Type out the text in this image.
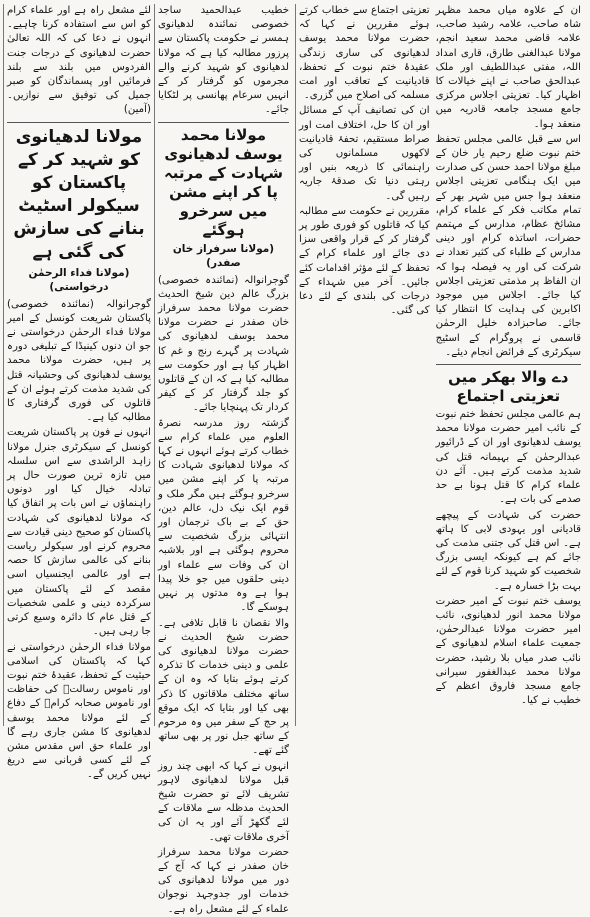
ان کے علاوہ میاں محمد مظہر شاہ صاحب، علامہ رشید صاحب، علامہ قاضی محمد سعید انجم، مولانا عبدالغنی طارق، قاری امداد اللہ، مفتی عبداللطیف اور ملک عبدالحق صاحب نے اپنے خیالات کا اظہار کیا۔ تعزیتی اجلاس مرکزی جامع مسجد جامعہ قادریہ میں منعقد ہوا۔

اس سے قبل عالمی مجلس تحفظ ختم نبوت ضلع رحیم یار خان کے مبلغ مولانا احمد حسن کی صدارت میں ایک ہنگامی تعزیتی اجلاس منعقد ہوا جس میں شہر بھر کے تمام مکاتب فکر کے علماء کرام، مشائخ عظام، مدارس کے مہتمم حضرات، اساتذہ کرام اور دینی مدارس کے طلباء کی کثیر تعداد نے شرکت کی اور یہ فیصلہ ہوا کہ ان الفاظ پر مذمتی تعزیتی اجلاس کیا جائے۔ اجلاس میں موجود اکابرین کی ہدایت کا انتظار کیا جائے۔ صاحبزادہ خلیل الرحمٰن قاسمی نے پروگرام کے اسٹیج سیکرٹری کے فرائض انجام دیئے۔

دے والا بھکر میں تعزیتی اجتماع

ہم عالمی مجلس تحفظ ختم نبوت کے نائب امیر حضرت مولانا محمد یوسف لدھیانوی اور ان کے ڈرائیور عبدالرحمٰن کے بہیمانہ قتل کی شدید مذمت کرتے ہیں۔ آئے دن علماء کرام کا قتل ہونا بے حد صدمے کی بات ہے۔

حضرت کی شہادت کے پیچھے قادیانی اور یہودی لابی کا ہاتھ ہے۔ اس قتل کی جتنی مذمت کی جائے کم ہے کیونکہ ایسی بزرگ شخصیت کو شہید کرنا قوم کے لئے بہت بڑا خسارہ ہے۔

یوسف ختم نبوت کے امیر حضرت مولانا محمد انور لدھیانوی، نائب امیر حضرت مولانا عبدالرحمٰن، جمعیت علماء اسلام لدھیانوی کے نائب صدر میاں بلا رشید، حضرت مولانا محمد عبدالغفور سیرانی جامع مسجد فاروق اعظم کے خطیب نے کیا۔

تعزیتی اجتماع سے خطاب کرتے ہوئے مقررین نے کہا کہ حضرت مولانا محمد یوسف لدھیانوی کی ساری زندگی عقیدۂ ختم نبوت کے تحفظ، قادیانیت کے تعاقب اور امت مسلمہ کی اصلاح میں گزری۔

ان کی تصانیف آپ کے مسائل اور ان کا حل، اختلاف امت اور صراط مستقیم، تحفۂ قادیانیت لاکھوں مسلمانوں کی راہنمائی کا ذریعہ بنیں اور رہتی دنیا تک صدقۂ جاریہ رہیں گی۔

مقررین نے حکومت سے مطالبہ کیا کہ قاتلوں کو فوری طور پر گرفتار کر کے قرار واقعی سزا دی جائے اور علماء کرام کے تحفظ کے لئے مؤثر اقدامات کئے جائیں۔ آخر میں شہداء کے درجات کی بلندی کے لئے دعا کی گئی۔

خطیب عبدالحمید ساجد خصوصی نمائندہ لدھیانوی ہمسر نے حکومت پاکستان سے پرزور مطالبہ کیا ہے کہ مولانا لدھیانوی کو شہید کرنے والے مجرموں کو گرفتار کر کے انہیں سرعام پھانسی پر لٹکایا جائے۔

مولانا محمد یوسف لدھیانوی شہادت کے مرتبہ پا کر اپنے مشن میں سرخرو ہوگئے
(مولانا سرفراز خان صفدر)

گوجرانوالہ (نمائندہ خصوصی) بزرگ عالم دین شیخ الحدیث حضرت مولانا محمد سرفراز خان صفدر نے حضرت مولانا محمد یوسف لدھیانوی کی شہادت پر گہرے رنج و غم کا اظہار کیا ہے اور حکومت سے مطالبہ کیا ہے کہ ان کے قاتلوں کو جلد گرفتار کر کے کیفر کردار تک پہنچایا جائے۔

گزشتہ روز مدرسہ نصرۃ العلوم میں علماء کرام سے خطاب کرتے ہوئے انہوں نے کہا کہ مولانا لدھیانوی شہادت کا مرتبہ پا کر اپنے مشن میں سرخرو ہوگئے ہیں مگر ملک و قوم ایک نیک دل، عالم دین، حق کے بے باک ترجمان اور انتہائی بزرگ شخصیت سے محروم ہوگئی ہے اور بلاشبہ ان کی وفات سے علماء اور دینی حلقوں میں جو خلا پیدا ہوا ہے وہ مدتوں پر نہیں ہوسکے گا۔

والا نقصان نا قابل تلافی ہے۔ حضرت شیخ الحدیث نے حضرت مولانا لدھیانوی کی علمی و دینی خدمات کا تذکرہ کرتے ہوئے بتایا کہ وہ ان کے ساتھ مختلف ملاقاتوں کا ذکر بھی کیا اور بتایا کہ ایک موقع پر حج کے سفر میں وہ مرحوم کے ساتھ جبل نور پر بھی ساتھ گئے تھے۔

انہوں نے کہا کہ ابھی چند روز قبل مولانا لدھیانوی لاہور تشریف لائے تو حضرت شیخ الحدیث مدظلہ سے ملاقات کے لئے گکھڑ آئے اور یہ ان کی آخری ملاقات تھی۔

حضرت مولانا محمد سرفراز خان صفدر نے کہا کہ آج کے دور میں مولانا لدھیانوی کی خدمات اور جدوجہد نوجوان علماء کے لئے مشعل راہ ہے۔

لئے مشعل راہ ہے اور علماء کرام کو اس سے استفادہ کرنا چاہیے۔ انہوں نے دعا کی کہ اللہ تعالیٰ حضرت لدھیانوی کے درجات جنت الفردوس میں بلند سے بلند فرمائیں اور پسماندگان کو صبر جمیل کی توفیق سے نوازیں۔ (آمین)

مولانا لدھیانوی کو شہید کر کے پاکستان کو سیکولر اسٹیٹ بنانے کی سازش کی گئی ہے
(مولانا فداء الرحمٰن درخواستی)

گوجرانوالہ (نمائندہ خصوصی) پاکستان شریعت کونسل کے امیر مولانا فداء الرحمٰن درخواستی نے جو ان دنوں کینیڈا کے تبلیغی دورہ پر ہیں، حضرت مولانا محمد یوسف لدھیانوی کی وحشیانہ قتل کی شدید مذمت کرتے ہوئے ان کے قاتلوں کی فوری گرفتاری کا مطالبہ کیا ہے۔

انہوں نے فون پر پاکستان شریعت کونسل کے سیکرٹری جنرل مولانا زاہد الراشدی سے اس سلسلہ میں تازہ ترین صورت حال پر تبادلہ خیال کیا اور دونوں راہنماؤں نے اس بات پر اتفاق کیا کہ مولانا لدھیانوی کی شہادت پاکستان کو صحیح دینی قیادت سے محروم کرنے اور سیکولر ریاست بنانے کی عالمی سازش کا حصہ ہے اور عالمی ایجنسیاں اسی مقصد کے لئے پاکستان میں سرکردہ دینی و علمی شخصیات کے قتل عام کا دائرہ وسیع کرتی جا رہی ہیں۔

مولانا فداء الرحمٰن درخواستی نے کہا کہ پاکستان کی اسلامی حیثیت کے تحفظ، عقیدۂ ختم نبوت اور ناموس رسالتؐ کی حفاظت اور ناموس صحابہ کرامؓ کے دفاع کے لئے مولانا محمد یوسف لدھیانوی کا مشن جاری رہے گا اور علماء حق اس مقدس مشن کے لئے کسی قربانی سے دریغ نہیں کریں گے۔
